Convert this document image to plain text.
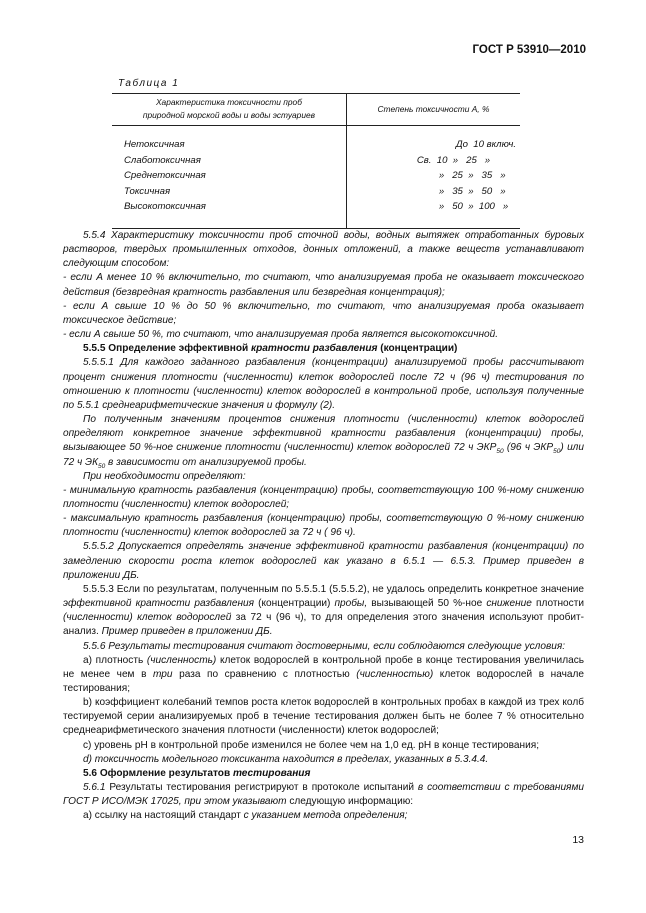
ГОСТ Р 53910—2010
Таблица 1
Характеристика токсичности проб
природной морской воды и воды эстуариев	Степень токсичности А, %
Нетоксичная	До  10 включ.
Слаботоксичная	Св.  10  »   25   »
Среднетоксичная	»   25  »   35   »
Токсичная	»   35  »   50   »
Высокотоксичная	»   50  »  100   »

5.5.4 Характеристику токсичности проб сточной воды, водных вытяжек отработанных буровых растворов, твердых промышленных отходов, донных отложений, а также веществ устанавливают следующим способом:

- если А менее 10 % включительно, то считают, что анализируемая проба не оказывает токсического действия (безвредная кратность разбавления или безвредная концентрация);

- если А свыше 10 % до 50 % включительно, то считают, что анализируемая проба оказывает токсическое действие;

- если А свыше 50 %, то считают, что анализируемая проба является высокотоксичной.

5.5.5 Определение эффективной кратности разбавления (концентрации)

5.5.5.1 Для каждого заданного разбавления (концентрации) анализируемой пробы рассчитывают процент снижения плотности (численности) клеток водорослей после 72 ч (96 ч) тестирования по отношению к плотности (численности) клеток водорослей в контрольной пробе, используя полученные по 5.5.1 среднеарифметические значения и формулу (2).

По полученным значениям процентов снижения плотности (численности) клеток водорослей определяют конкретное значение эффективной кратности разбавления (концентрации) пробы, вызывающее 50 %-ное снижение плотности (численности) клеток водорослей 72 ч $ЭКР_{50}$ (96 ч $ЭКР_{50}$) или 72 ч $ЭК_{50}$ в зависимости от анализируемой пробы.

При необходимости определяют:

- минимальную кратность разбавления (концентрацию) пробы, соответствующую 100 %-ному снижению плотности (численности) клеток водорослей;

- максимальную кратность разбавления (концентрацию) пробы, соответствующую 0 %-ному снижению плотности (численности) клеток водорослей за 72 ч ( 96 ч).

5.5.5.2 Допускается определять значение эффективной кратности разбавления (концентрации) по замедлению скорости роста клеток водорослей как указано в 6.5.1 — 6.5.3. Пример приведен в приложении ДБ.

5.5.5.3 Если по результатам, полученным по 5.5.5.1 (5.5.5.2), не удалось определить конкретное значение эффективной кратности разбавления (концентрации) пробы, вызывающей 50 %-ное снижение плотности (численности) клеток водорослей за 72 ч (96 ч), то для определения этого значения используют пробит-анализ. Пример приведен в приложении ДБ.

5.5.6 Результаты тестирования считают достоверными, если соблюдаются следующие условия:

а) плотность (численность) клеток водорослей в контрольной пробе в конце тестирования увеличилась не менее чем в три раза по сравнению с плотностью (численностью) клеток водорослей в начале тестирования;

b) коэффициент колебаний темпов роста клеток водорослей в контрольных пробах в каждой из трех колб тестируемой серии анализируемых проб в течение тестирования должен быть не более 7 % относительно среднеарифметического значения плотности (численности) клеток водорослей;

с) уровень рН в контрольной пробе изменился не более чем на 1,0 ед. рН в конце тестирования;

d) токсичность модельного токсиканта находится в пределах, указанных в 5.3.4.4.

5.6 Оформление результатов тестирования

5.6.1 Результаты тестирования регистрируют в протоколе испытаний в соответствии с требованиями ГОСТ Р ИСО/МЭК 17025, при этом указывают следующую информацию:

а) ссылку на настоящий стандарт с указанием метода определения;

13
